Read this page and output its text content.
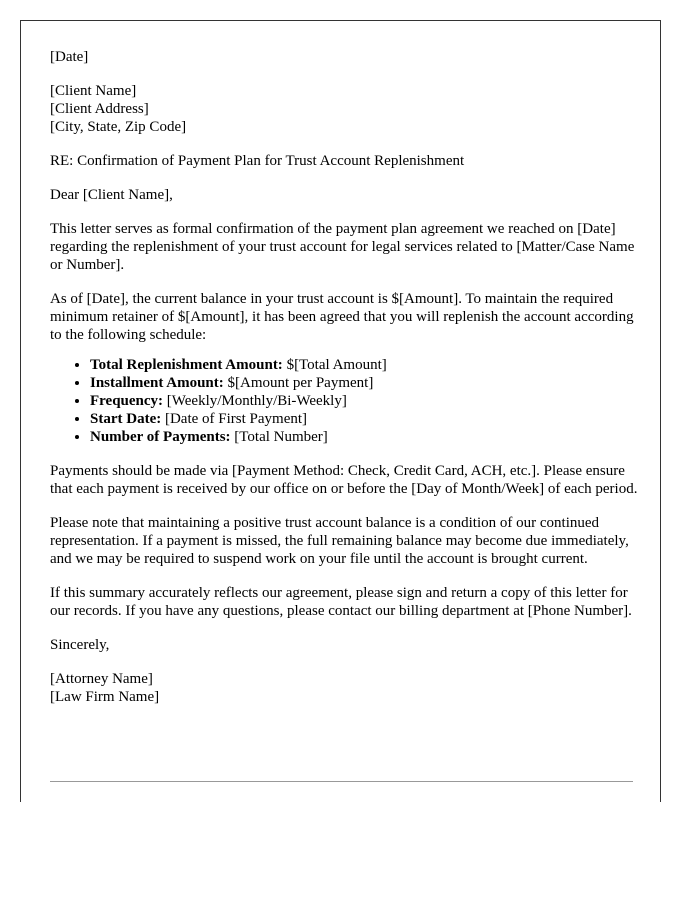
[Date]

[Client Name]
[Client Address]
[City, State, Zip Code]

RE: Confirmation of Payment Plan for Trust Account Replenishment

Dear [Client Name],

This letter serves as formal confirmation of the payment plan agreement we reached on [Date] regarding the replenishment of your trust account for legal services related to [Matter/Case Name or Number].

As of [Date], the current balance in your trust account is $[Amount]. To maintain the required minimum retainer of $[Amount], it has been agreed that you will replenish the account according to the following schedule:

• Total Replenishment Amount: $[Total Amount]
• Installment Amount: $[Amount per Payment]
• Frequency: [Weekly/Monthly/Bi-Weekly]
• Start Date: [Date of First Payment]
• Number of Payments: [Total Number]

Payments should be made via [Payment Method: Check, Credit Card, ACH, etc.]. Please ensure that each payment is received by our office on or before the [Day of Month/Week] of each period.

Please note that maintaining a positive trust account balance is a condition of our continued representation. If a payment is missed, the full remaining balance may become due immediately, and we may be required to suspend work on your file until the account is brought current.

If this summary accurately reflects our agreement, please sign and return a copy of this letter for our records. If you have any questions, please contact our billing department at [Phone Number].

Sincerely,

[Attorney Name]
[Law Firm Name]
